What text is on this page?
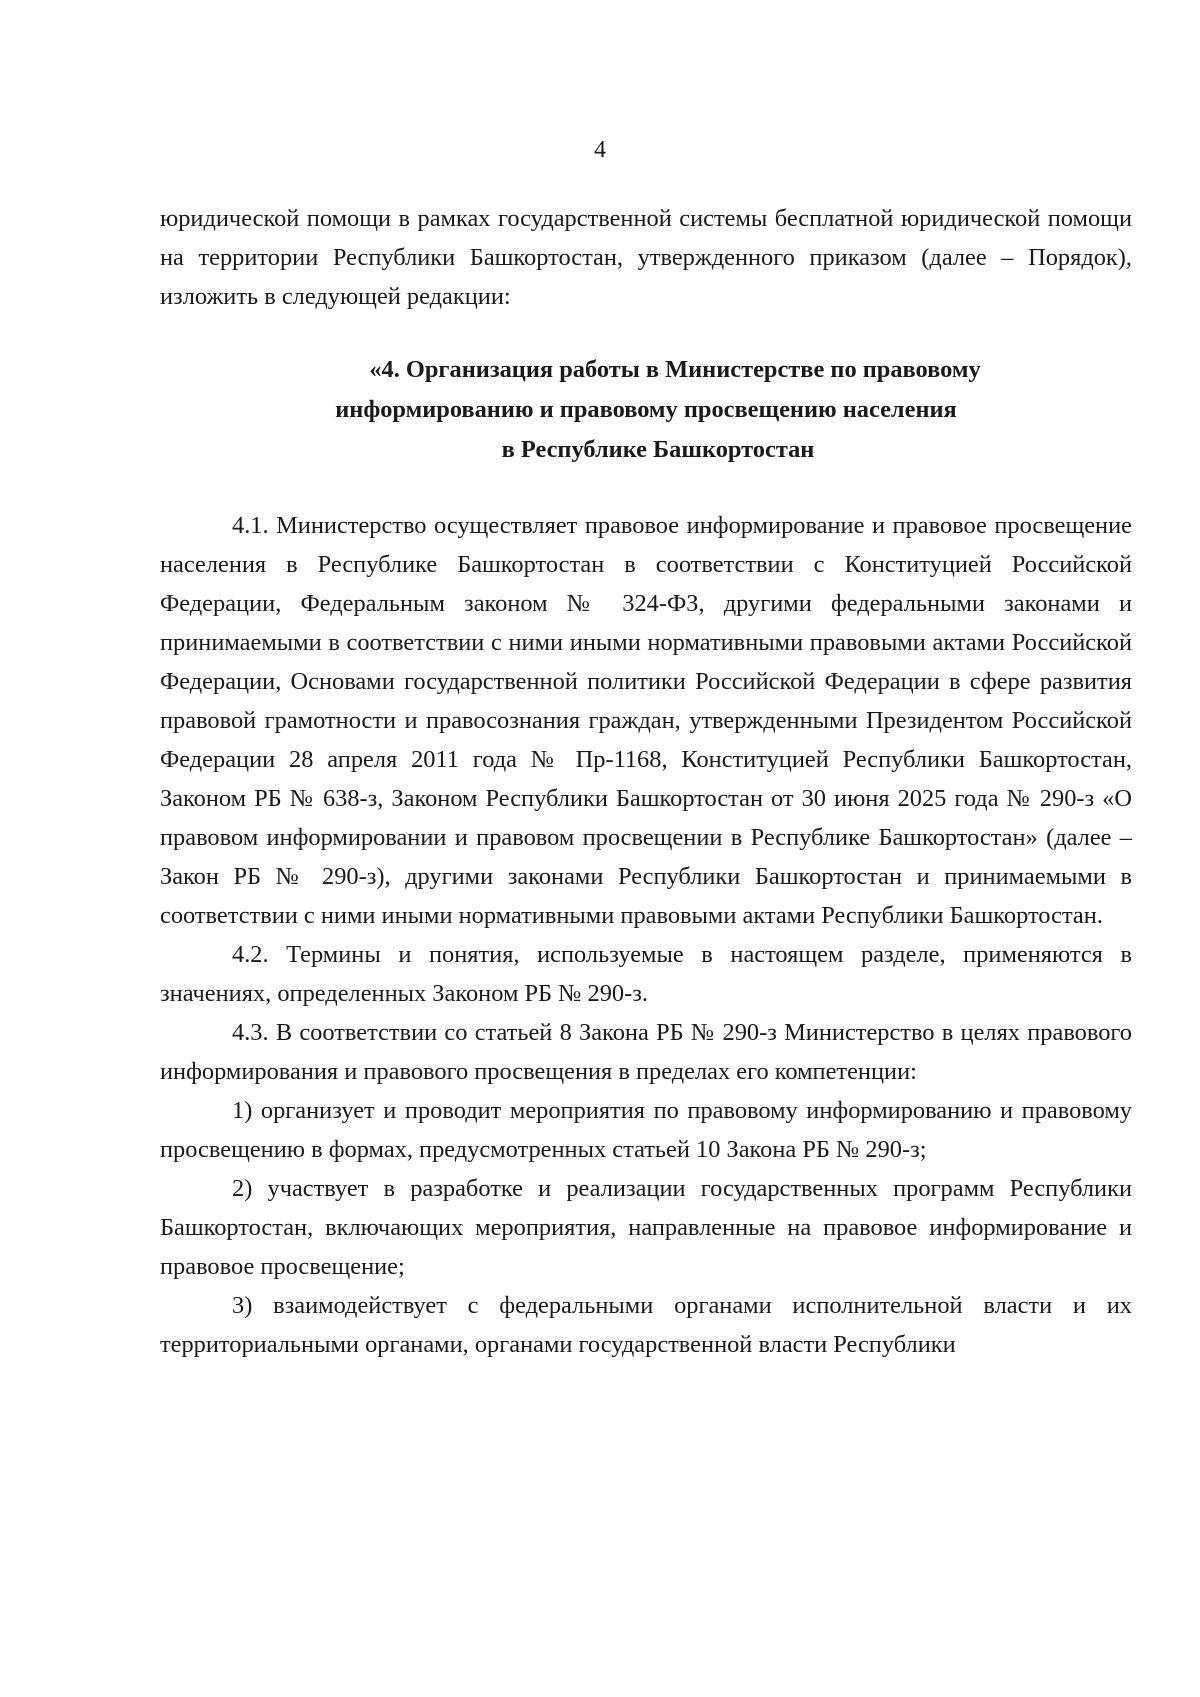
4

юридической помощи в рамках государственной системы бесплатной юридической помощи на территории Республики Башкортостан, утвержденного приказом (далее – Порядок), изложить в следующей редакции:

«4. Организация работы в Министерстве по правовому
информированию и правовому просвещению населения
в Республике Башкортостан

4.1. Министерство осуществляет правовое информирование и правовое просвещение населения в Республике Башкортостан в соответствии с Конституцией Российской Федерации, Федеральным законом № 324-ФЗ, другими федеральными законами и принимаемыми в соответствии с ними иными нормативными правовыми актами Российской Федерации, Основами государственной политики Российской Федерации в сфере развития правовой грамотности и правосознания граждан, утвержденными Президентом Российской Федерации 28 апреля 2011 года № Пр-1168, Конституцией Республики Башкортостан, Законом РБ № 638-з, Законом Республики Башкортостан от 30 июня 2025 года № 290-з «О правовом информировании и правовом просвещении в Республике Башкортостан» (далее – Закон РБ № 290-з), другими законами Республики Башкортостан и принимаемыми в соответствии с ними иными нормативными правовыми актами Республики Башкортостан.

4.2. Термины и понятия, используемые в настоящем разделе, применяются в значениях, определенных Законом РБ № 290-з.

4.3. В соответствии со статьей 8 Закона РБ № 290-з Министерство в целях правового информирования и правового просвещения в пределах его компетенции:

1) организует и проводит мероприятия по правовому информированию и правовому просвещению в формах, предусмотренных статьей 10 Закона РБ № 290-з;

2) участвует в разработке и реализации государственных программ Республики Башкортостан, включающих мероприятия, направленные на правовое информирование и правовое просвещение;

3) взаимодействует с федеральными органами исполнительной власти и их территориальными органами, органами государственной власти Республики
